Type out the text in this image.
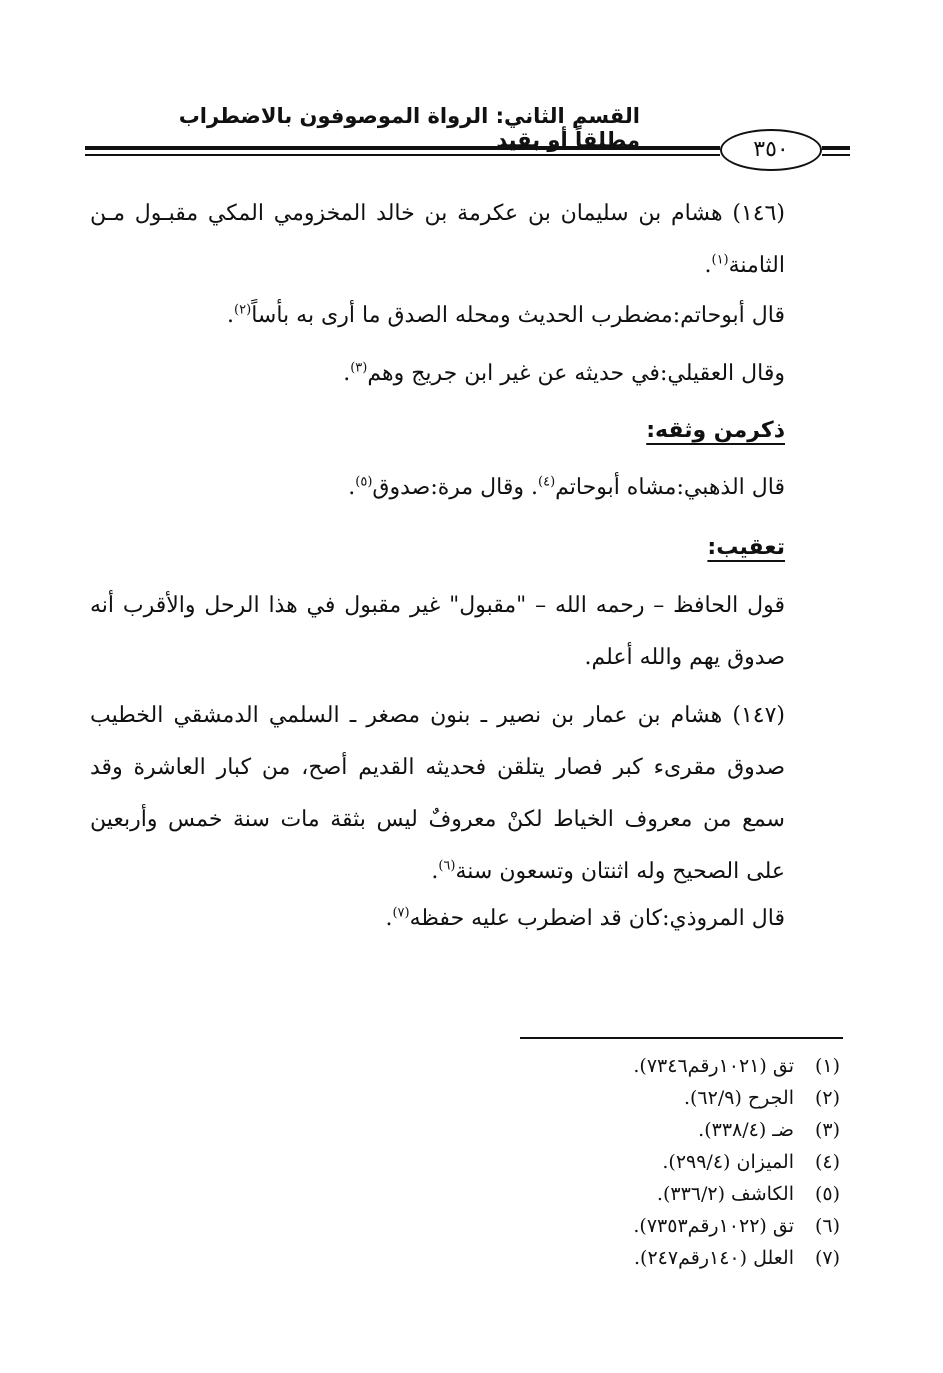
القسم الثاني: الرواة الموصوفون بالاضطراب مطلقاً أو بقيد	٣٥٠

(١٤٦) هشام بن سليمان بن عكرمة بن خالد المخزومي المكي مقبـول مـن الثامنة$^{(١)}$.

قال أبوحاتم:مضطرب الحديث ومحله الصدق ما أرى به بأساً$^{(٢)}$.

وقال العقيلي:في حديثه عن غير ابن جريج وهم$^{(٣)}$.

ذكرمن وثقه:

قال الذهبي:مشاه أبوحاتم$^{(٤)}$. وقال مرة:صدوق$^{(٥)}$.

تعقيب:

قول الحافظ – رحمه الله – "مقبول" غير مقبول في هذا الرحل والأقرب أنه صدوق يهم والله أعلم.

(١٤٧) هشام بن عمار بن نصير ـ بنون مصغر ـ السلمي الدمشقي الخطيب صدوق مقرىء كبر فصار يتلقن فحديثه القديم أصح، من كبار العاشرة وقد سمع من معروف الخياط لكنْ معروفٌ ليس بثقة مات سنة خمس وأربعين على الصحيح وله اثنتان وتسعون سنة$^{(٦)}$.

قال المروذي:كان قد اضطرب عليه حفظه$^{(٧)}$.

(١)تق (١٠٢١رقم٧٣٤٦).
(٢)الجرح (٦٢/٩).
(٣)ضـ (٣٣٨/٤).
(٤)الميزان (٢٩٩/٤).
(٥)الكاشف (٣٣٦/٢).
(٦)تق (١٠٢٢رقم٧٣٥٣).
(٧)العلل (١٤٠رقم٢٤٧).
